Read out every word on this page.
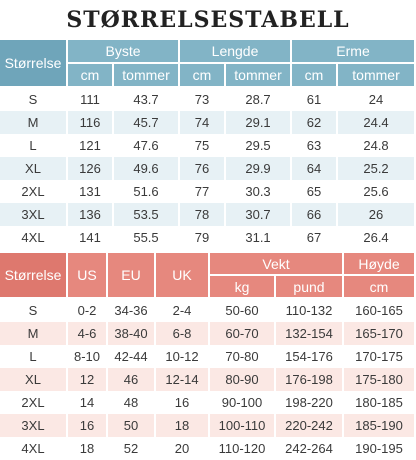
STØRRELSESTABELL
Størrelse	Byste		Lengde		Erme	
	cm	tommer	cm	tommer	cm	tommer
S	111	43.7	73	28.7	61	24
M	116	45.7	74	29.1	62	24.4
L	121	47.6	75	29.5	63	24.8
XL	126	49.6	76	29.9	64	25.2
2XL	131	51.6	77	30.3	65	25.6
3XL	136	53.5	78	30.7	66	26
4XL	141	55.5	79	31.1	67	26.4
Størrelse	US	EU	UK	Vekt		Høyde
				kg	pund	cm
S	0-2	34-36	2-4	50-60	110-132	160-165
M	4-6	38-40	6-8	60-70	132-154	165-170
L	8-10	42-44	10-12	70-80	154-176	170-175
XL	12	46	12-14	80-90	176-198	175-180
2XL	14	48	16	90-100	198-220	180-185
3XL	16	50	18	100-110	220-242	185-190
4XL	18	52	20	110-120	242-264	190-195
